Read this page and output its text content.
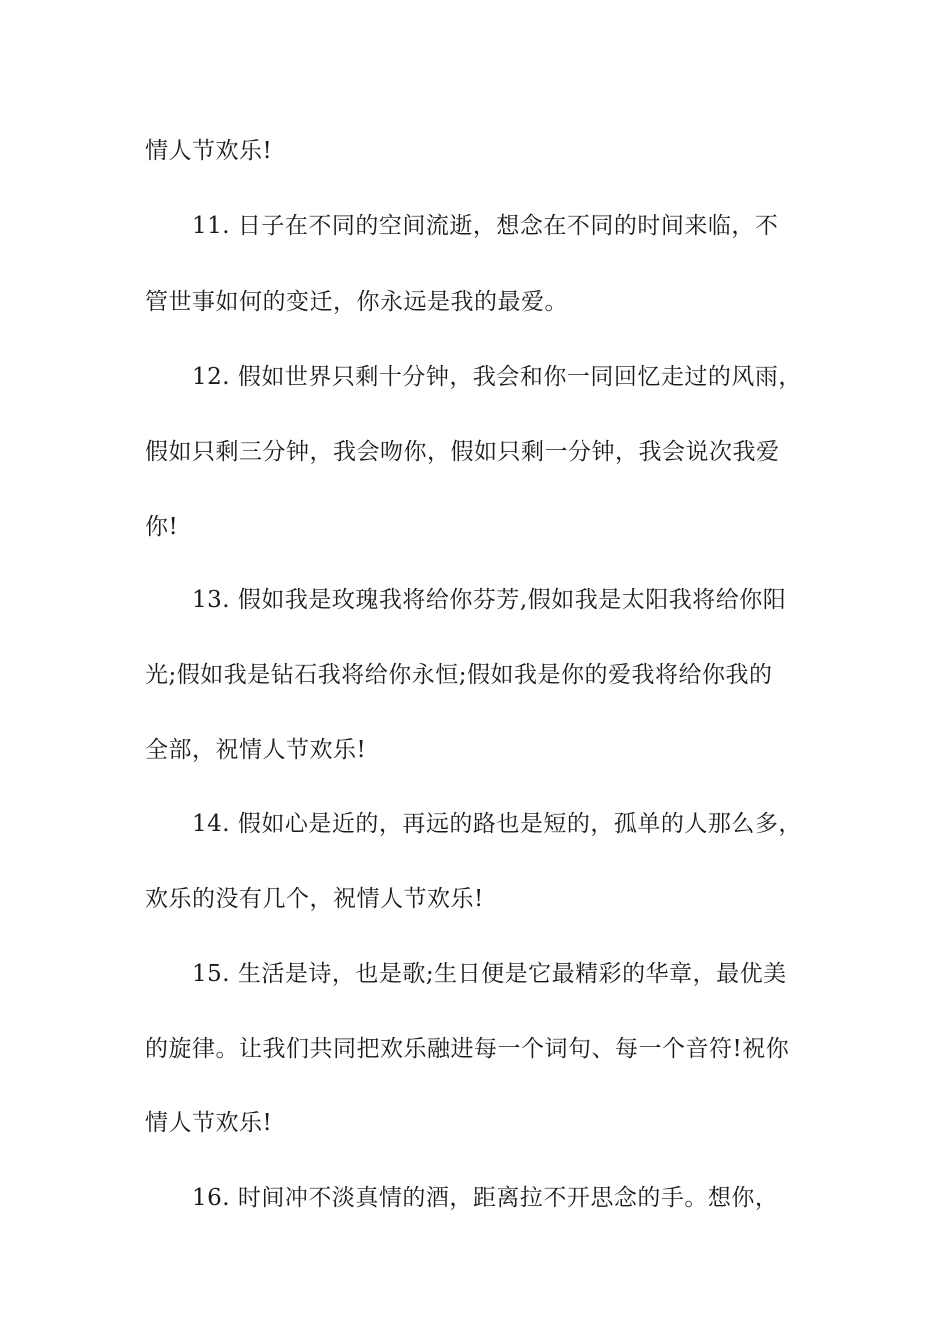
情人节欢乐!
11. 日子在不同的空间流逝，想念在不同的时间来临，不
管世事如何的变迁，你永远是我的最爱。
12. 假如世界只剩十分钟，我会和你一同回忆走过的风雨，
假如只剩三分钟，我会吻你，假如只剩一分钟，我会说次我爱
你!
13. 假如我是玫瑰我将给你芬芳,假如我是太阳我将给你阳
光;假如我是钻石我将给你永恒;假如我是你的爱我将给你我的
全部，祝情人节欢乐!
14. 假如心是近的，再远的路也是短的，孤单的人那么多，
欢乐的没有几个，祝情人节欢乐!
15. 生活是诗，也是歌;生日便是它最精彩的华章，最优美
的旋律。让我们共同把欢乐融进每一个词句、每一个音符!祝你
情人节欢乐!
16. 时间冲不淡真情的酒，距离拉不开思念的手。想你，
